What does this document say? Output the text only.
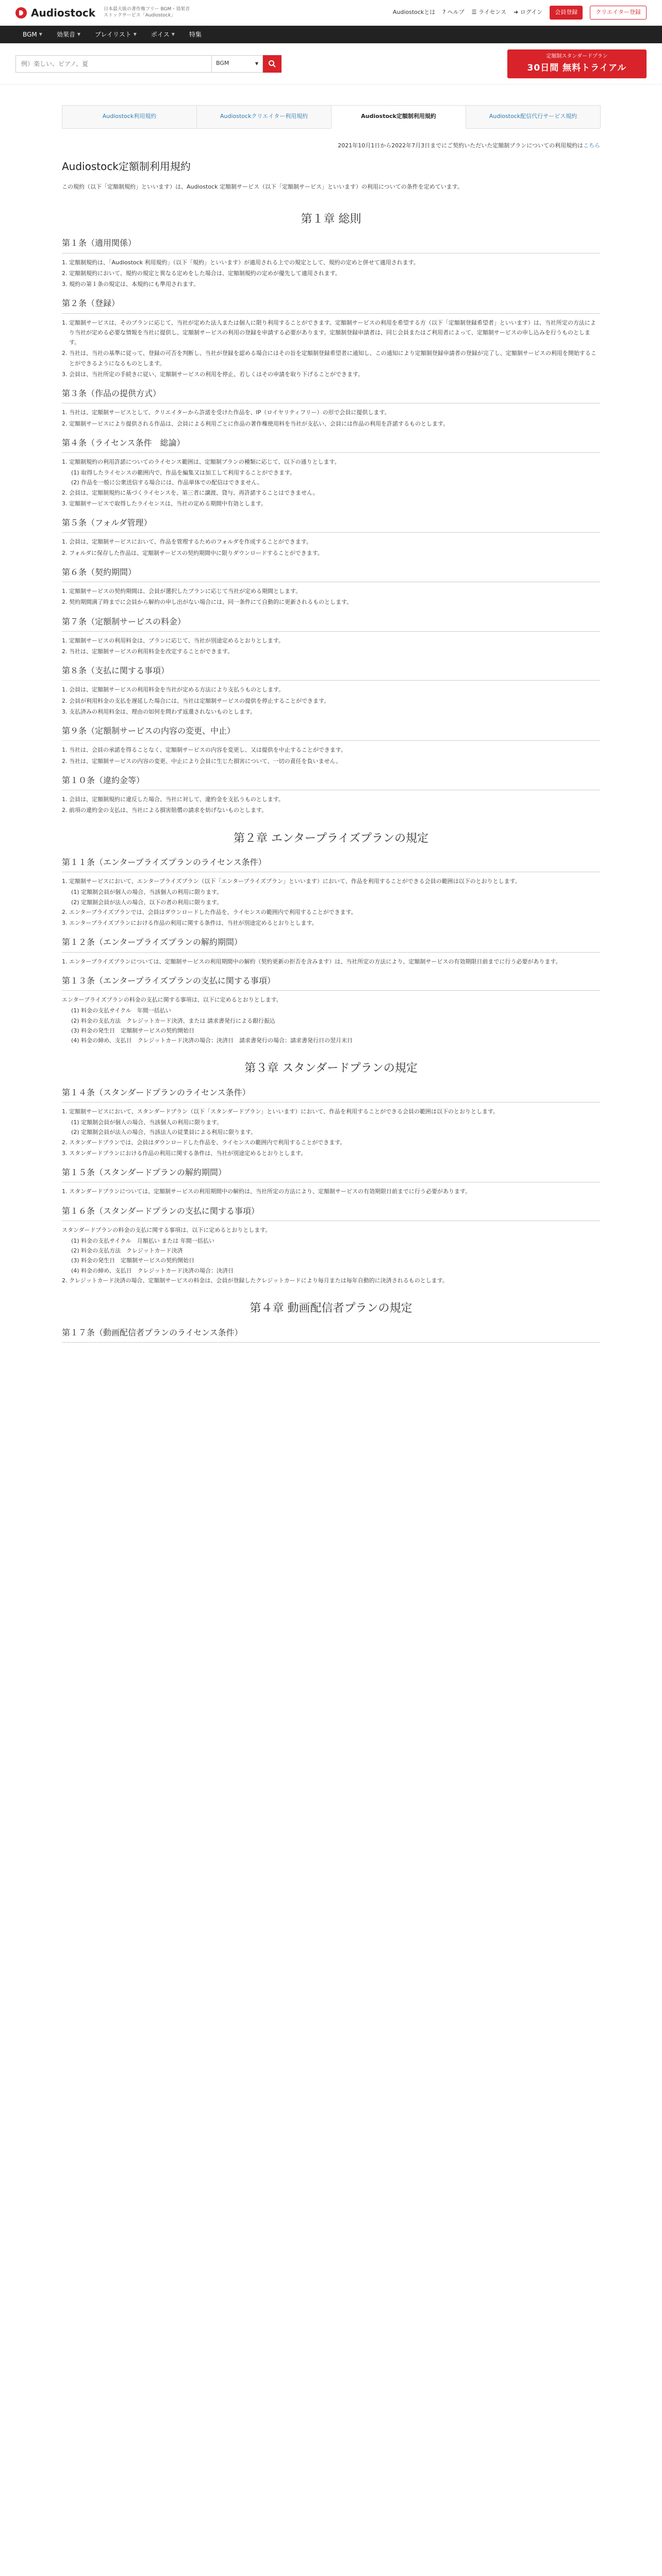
Audiostock 日本最大級の著作権フリー BGM・効果音
ストックサービス「Audiostock」	Audiostockとは ? ヘルプ ☰ ライセンス ➜ ログイン	会員登録	クリエイター登録
BGM ▼ 効果音 ▼ プレイリスト ▼ ボイス ▼ 特集
例）楽しい、ピアノ、夏
BGM	▼
定額制スタンダードプラン
30日間 無料トライアル
Audiostock利用規約	Audiostockクリエイター利用規約	Audiostock定額制利用規約	Audiostock配信代行サービス規約
2021年10月1日から2022年7月3日までにご契約いただいた定額制プランについての利用規約はこちら
Audiostock定額制利用規約

この規約（以下「定額制規約」といいます）は、Audiostock 定額制サービス（以下「定額制サービス」といいます）の利用についての条件を定めています。

第１章 総則
第１条（適用関係）

1. 定額制規約は、「Audiostock 利用規約」（以下「規約」といいます）が適用される上での規定として、規約の定めと併せて適用されます。

2. 定額制規約において、規約の規定と異なる定めをした場合は、定額制規約の定めが優先して適用されます。

3. 規約の第１条の規定は、本規約にも準用されます。

第２条（登録）

1. 定額制サービスは、そのプランに応じて、当社が定めた法人または個人に限り利用することができます。定額制サービスの利用を希望する方（以下「定額制登録希望者」といいます）は、当社所定の方法により当社が定める必要な情報を当社に提供し、定額制サービスの利用の登録を申請する必要があります。定額制登録申請者は、同じ会員またはご利用者によって、定額制サービスの申し込みを行うものとします。

2. 当社は、当社の基準に従って、登録の可否を判断し、当社が登録を認める場合にはその旨を定額制登録希望者に通知し、この通知により定額制登録申請者の登録が完了し、定額制サービスの利用を開始することができるようになるものとします。

3. 会員は、当社所定の手続きに従い、定額制サービスの利用を停止、若しくはその申請を取り下げることができます。

第３条（作品の提供方式）

1. 当社は、定額制サービスとして、クリエイターから許諾を受けた作品を、IP（ロイヤリティフリー）の形で会員に提供します。

2. 定額制サービスにより提供される作品は、会員による利用ごとに作品の著作権使用料を当社が支払い、会員には作品の利用を許諾するものとします。

第４条（ライセンス条件　総論）

1. 定額制規約の利用許諾についてのライセンス範囲は、定額制プランの種類に応じて、以下の通りとします。

(1) 取得したライセンスの範囲内で、作品を編集又は加工して利用することができます。

(2) 作品を一般に公衆送信する場合には、作品単体での配信はできません。

2. 会員は、定額制規約に基づくライセンスを、第三者に譲渡、貸与、再許諾することはできません。

3. 定額制サービスで取得したライセンスは、当社の定める期間中有効とします。

第５条（フォルダ管理）

1. 会員は、定額制サービスにおいて、作品を管理するためのフォルダを作成することができます。

2. フォルダに保存した作品は、定額制サービスの契約期間中に限りダウンロードすることができます。

第６条（契約期間）

1. 定額制サービスの契約期間は、会員が選択したプランに応じて当社が定める期間とします。

2. 契約期間満了時までに会員から解約の申し出がない場合には、同一条件にて自動的に更新されるものとします。

第７条（定額制サービスの料金）

1. 定額制サービスの利用料金は、プランに応じて、当社が別途定めるとおりとします。

2. 当社は、定額制サービスの利用料金を改定することができます。

第８条（支払に関する事項）

1. 会員は、定額制サービスの利用料金を当社が定める方法により支払うものとします。

2. 会員が利用料金の支払を遅延した場合には、当社は定額制サービスの提供を停止することができます。

3. 支払済みの利用料金は、理由の如何を問わず返還されないものとします。

第９条（定額制サービスの内容の変更、中止）

1. 当社は、会員の承諾を得ることなく、定額制サービスの内容を変更し、又は提供を中止することができます。

2. 当社は、定額制サービスの内容の変更、中止により会員に生じた損害について、一切の責任を負いません。

第１０条（違約金等）

1. 会員は、定額制規約に違反した場合、当社に対して、違約金を支払うものとします。

2. 前項の違約金の支払は、当社による損害賠償の請求を妨げないものとします。

第２章 エンタープライズプランの規定
第１１条（エンタープライズプランのライセンス条件）

1. 定額制サービスにおいて、エンタープライズプラン（以下「エンタープライズプラン」といいます）において、作品を利用することができる会員の範囲は以下のとおりとします。

(1) 定額制会員が個人の場合、当該個人の利用に限ります。

(2) 定額制会員が法人の場合、以下の者の利用に限ります。

2. エンタープライズプランでは、会員はダウンロードした作品を、ライセンスの範囲内で利用することができます。

3. エンタープライズプランにおける作品の利用に関する条件は、当社が別途定めるとおりとします。

第１２条（エンタープライズプランの解約期間）

1. エンタープライズプランについては、定額制サービスの利用期間中の解約（契約更新の拒否を含みます）は、当社所定の方法により、定額制サービスの有効期限日前までに行う必要があります。

第１３条（エンタープライズプランの支払に関する事項）

エンタープライズプランの料金の支払に関する事項は、以下に定めるとおりとします。

(1) 料金の支払サイクル　年間一括払い

(2) 料金の支払方法　クレジットカード決済、または 請求書発行による銀行振込

(3) 料金の発生日　定額制サービスの契約開始日

(4) 料金の締め、支払日　クレジットカード決済の場合：決済日　請求書発行の場合：請求書発行日の翌月末日

第３章 スタンダードプランの規定
第１４条（スタンダードプランのライセンス条件）

1. 定額制サービスにおいて、スタンダードプラン（以下「スタンダードプラン」といいます）において、作品を利用することができる会員の範囲は以下のとおりとします。

(1) 定額制会員が個人の場合、当該個人の利用に限ります。

(2) 定額制会員が法人の場合、当該法人の従業員による利用に限ります。

2. スタンダードプランでは、会員はダウンロードした作品を、ライセンスの範囲内で利用することができます。

3. スタンダードプランにおける作品の利用に関する条件は、当社が別途定めるとおりとします。

第１５条（スタンダードプランの解約期間）

1. スタンダードプランについては、定額制サービスの利用期間中の解約は、当社所定の方法により、定額制サービスの有効期限日前までに行う必要があります。

第１６条（スタンダードプランの支払に関する事項）

スタンダードプランの料金の支払に関する事項は、以下に定めるとおりとします。

(1) 料金の支払サイクル　月額払い または 年間一括払い

(2) 料金の支払方法　クレジットカード決済

(3) 料金の発生日　定額制サービスの契約開始日

(4) 料金の締め、支払日　クレジットカード決済の場合：決済日

2. クレジットカード決済の場合、定額制サービスの料金は、会員が登録したクレジットカードにより毎月または毎年自動的に決済されるものとします。

第４章 動画配信者プランの規定
第１７条（動画配信者プランのライセンス条件）
